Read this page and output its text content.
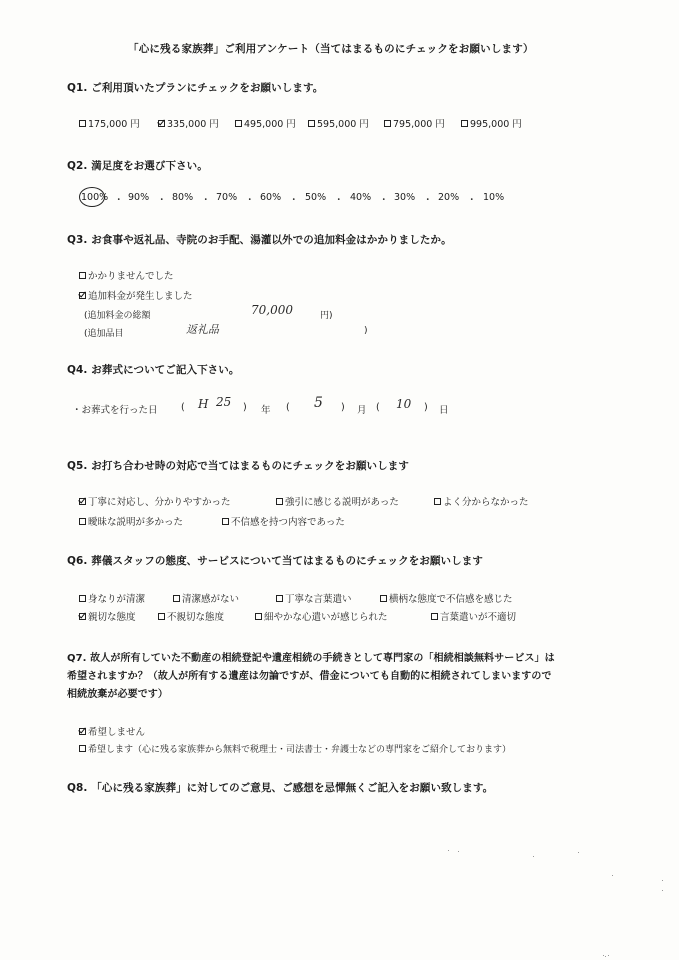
「心に残る家族葬」ご利用アンケート（当てはまるものにチェックをお願いします）
Q1. ご利用頂いたプランにチェックをお願いします。
175,000 円	335,000 円	495,000 円 595,000 円	795,000 円	995,000 円
Q2. 満足度をお選び下さい。
100% ・ 90% ・ 80% ・ 70% ・ 60% ・ 50% ・ 40% ・ 30% ・ 20% ・ 10%
Q3. お食事や返礼品、寺院のお手配、湯灌以外での追加料金はかかりましたか。
かかりませんでした
追加料金が発生しました
(追加料金の総額	70,000	円)
(追加品目	返礼品	)
Q4. お葬式についてご記入下さい。
・お葬式を行った日 ( H 25 ) 年 ( 5 ) 月 ( 10 ) 日
Q5. お打ち合わせ時の対応で当てはまるものにチェックをお願いします
丁寧に対応し、分かりやすかった	強引に感じる説明があった	よく分からなかった
曖昧な説明が多かった	不信感を持つ内容であった
Q6. 葬儀スタッフの態度、サービスについて当てはまるものにチェックをお願いします
身なりが清潔	清潔感がない	丁寧な言葉遣い	横柄な態度で不信感を感じた
親切な態度	不親切な態度	細やかな心遣いが感じられた	言葉遣いが不適切
Q7. 故人が所有していた不動産の相続登記や遺産相続の手続きとして専門家の「相続相談無料サービス」は
希望されますか？（故人が所有する遺産は勿論ですが、借金についても自動的に相続されてしまいますので
相続放棄が必要です）
希望しません
希望します（心に残る家族葬から無料で税理士・司法書士・弁護士などの専門家をご紹介しております）
Q8. 「心に残る家族葬」に対してのご意見、ご感想を忌憚無くご記入をお願い致します。
